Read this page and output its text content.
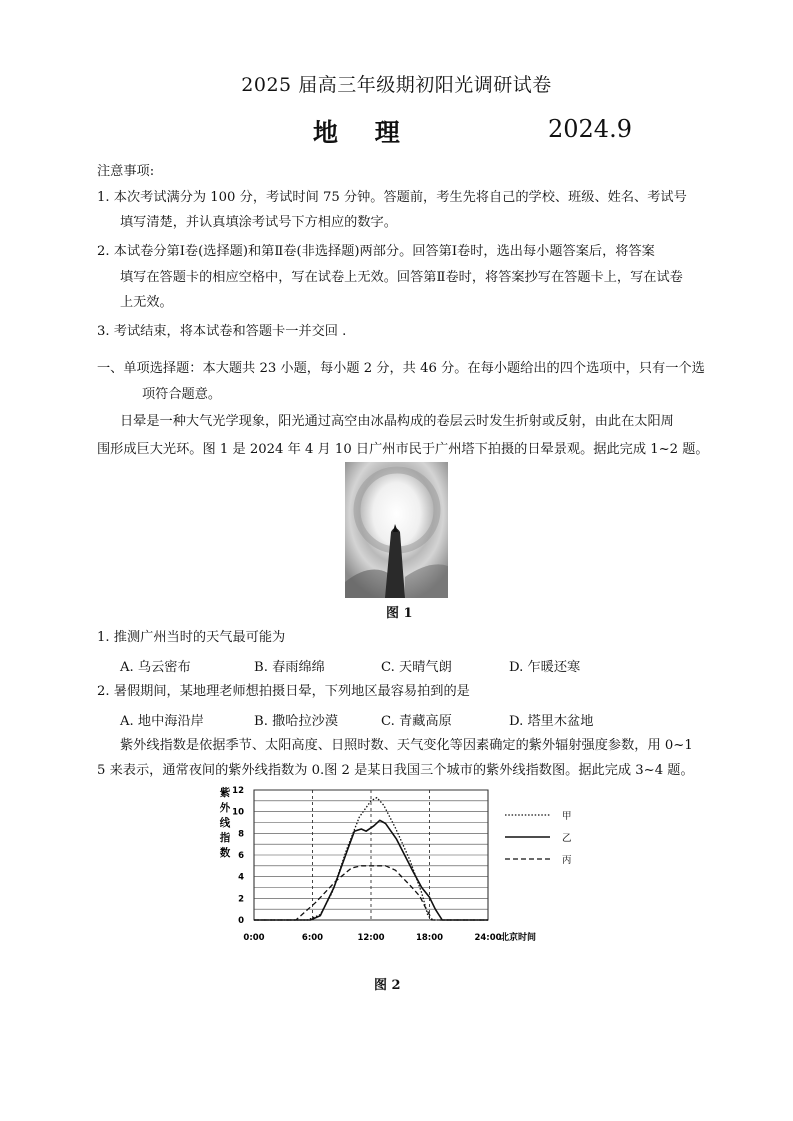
2025 届高三年级期初阳光调研试卷
地 理	2024.9
注意事项:
1. 本次考试满分为 100 分，考试时间 75 分钟。答题前，考生先将自己的学校、班级、姓名、考试号
填写清楚，并认真填涂考试号下方相应的数字。
2. 本试卷分第Ⅰ卷(选择题)和第Ⅱ卷(非选择题)两部分。回答第Ⅰ卷时，选出每小题答案后，将答案
填写在答题卡的相应空格中，写在试卷上无效。回答第Ⅱ卷时，将答案抄写在答题卡上，写在试卷
上无效。
3. 考试结束，将本试卷和答题卡一并交回 .
一、单项选择题：本大题共 23 小题，每小题 2 分，共 46 分。在每小题给出的四个选项中，只有一个选
项符合题意。
日晕是一种大气光学现象，阳光通过高空由冰晶构成的卷层云时发生折射或反射，由此在太阳周
围形成巨大光环。图 1 是 2024 年 4 月 10 日广州市民于广州塔下拍摄的日晕景观。据此完成 1~2 题。
图 1
1. 推测广州当时的天气最可能为
A. 乌云密布	B. 春雨绵绵	C. 天晴气朗	D. 乍暖还寒
2. 暑假期间，某地理老师想拍摄日晕，下列地区最容易拍到的是
A. 地中海沿岸	B. 撒哈拉沙漠	C. 青藏高原	D. 塔里木盆地
紫外线指数是依据季节、太阳高度、日照时数、天气变化等因素确定的紫外辐射强度参数，用 0~1
5 来表示，通常夜间的紫外线指数为 0.图 2 是某日我国三个城市的紫外线指数图。据此完成 3~4 题。
0
2
4
6
8
10
12
0:00	6:00	12:00	18:00	24:00
北京时间
紫
外
线
指
数
甲
乙
丙
图 2
